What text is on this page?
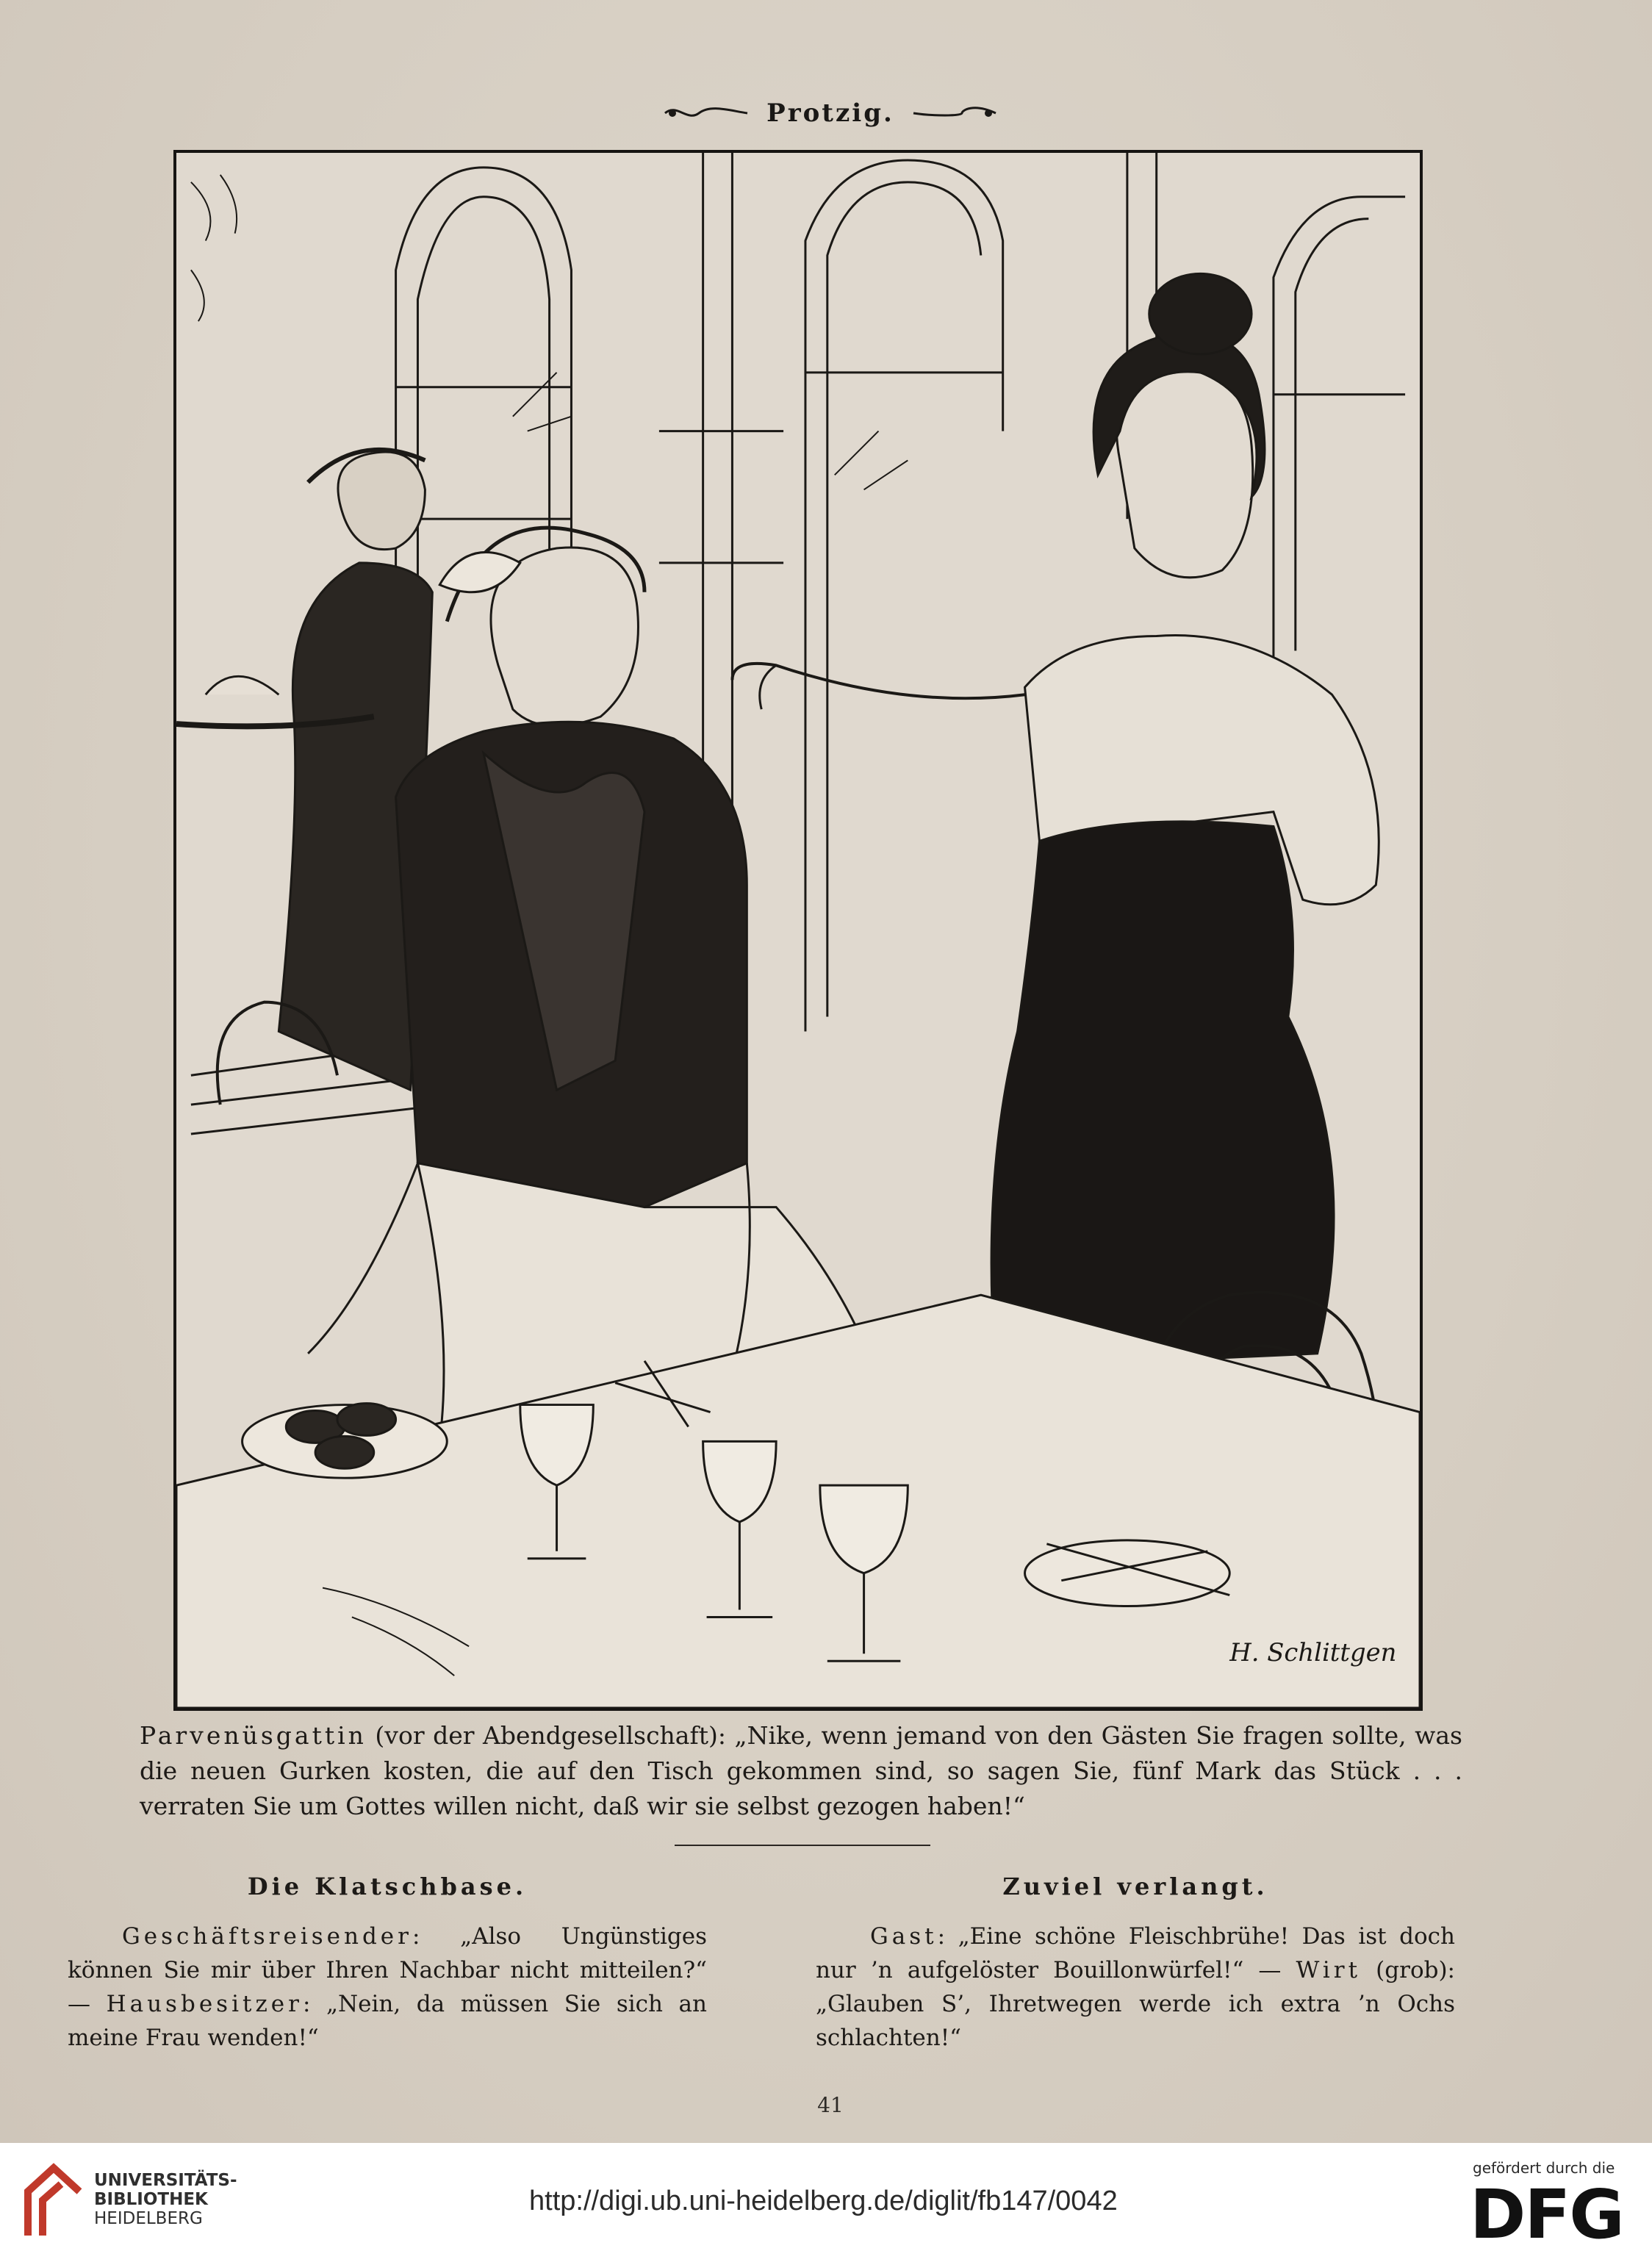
Protzig.
H. Schlittgen
Parvenüsgattin (vor der Abendgesellschaft): „Nike, wenn jemand von den Gästen Sie fragen sollte, was die neuen Gurken kosten, die auf den Tisch gekommen sind, so sagen Sie, fünf Mark das Stück . . . verraten Sie um Gottes willen nicht, daß wir sie selbst gezogen haben!“
Die Klatschbase.

Geschäftsreisender: „Also Ungünstiges können Sie mir über Ihren Nachbar nicht mitteilen?“ — Hausbesitzer: „Nein, da müssen Sie sich an meine Frau wenden!“

Zuviel verlangt.

Gast: „Eine schöne Fleischbrühe! Das ist doch nur ’n aufgelöster Bouillonwürfel!“ — Wirt (grob): „Glauben S’, Ihretwegen werde ich extra ’n Ochs schlachten!“

41
UNIVERSITÄTS-
BIBLIOTHEK
HEIDELBERG
http://digi.ub.uni-heidelberg.de/diglit/fb147/0042
gefördert durch die
DFG
